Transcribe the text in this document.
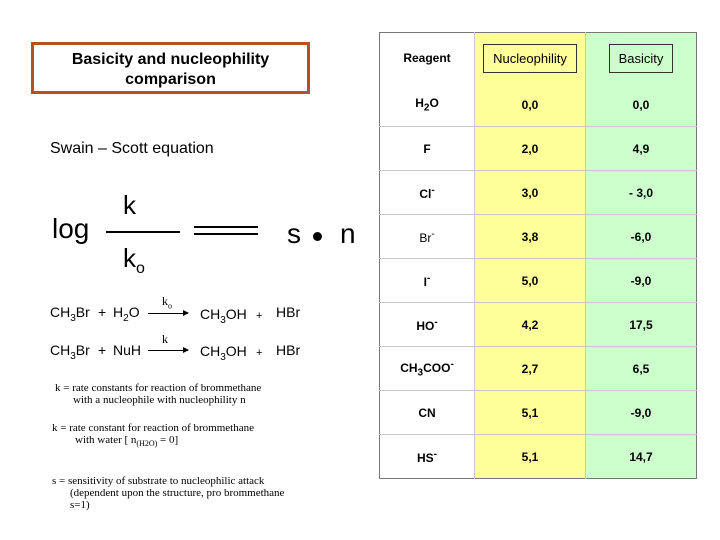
Basicity and nucleophility
comparison
Swain – Scott equation
log
k
$k_o$
s n
$CH_3Br + H_2O$
$k_o$
$CH_3OH$ + HBr
$CH_3Br$ + NuH
k
$CH_3OH$ + HBr
k = rate constants for reaction of brommethane
with a nucleophile with nucleophility n
k = rate constant for reaction of brommethane
with water [ $n_{(H2O)} = 0$]
s = sensitivity of substrate to nucleophilic attack
(dependent upon the structure, pro brommethane
s=1)
Reagent	Nucleophility	Basicity
$H_2O$	0,0	0,0
F	2,0	4,9
Cl-	3,0	- 3,0
Br-	3,8	-6,0
I-	5,0	-9,0
HO-	4,2	17,5
$CH_3COO^-$	2,7	6,5
CN	5,1	-9,0
HS-	5,1	14,7
